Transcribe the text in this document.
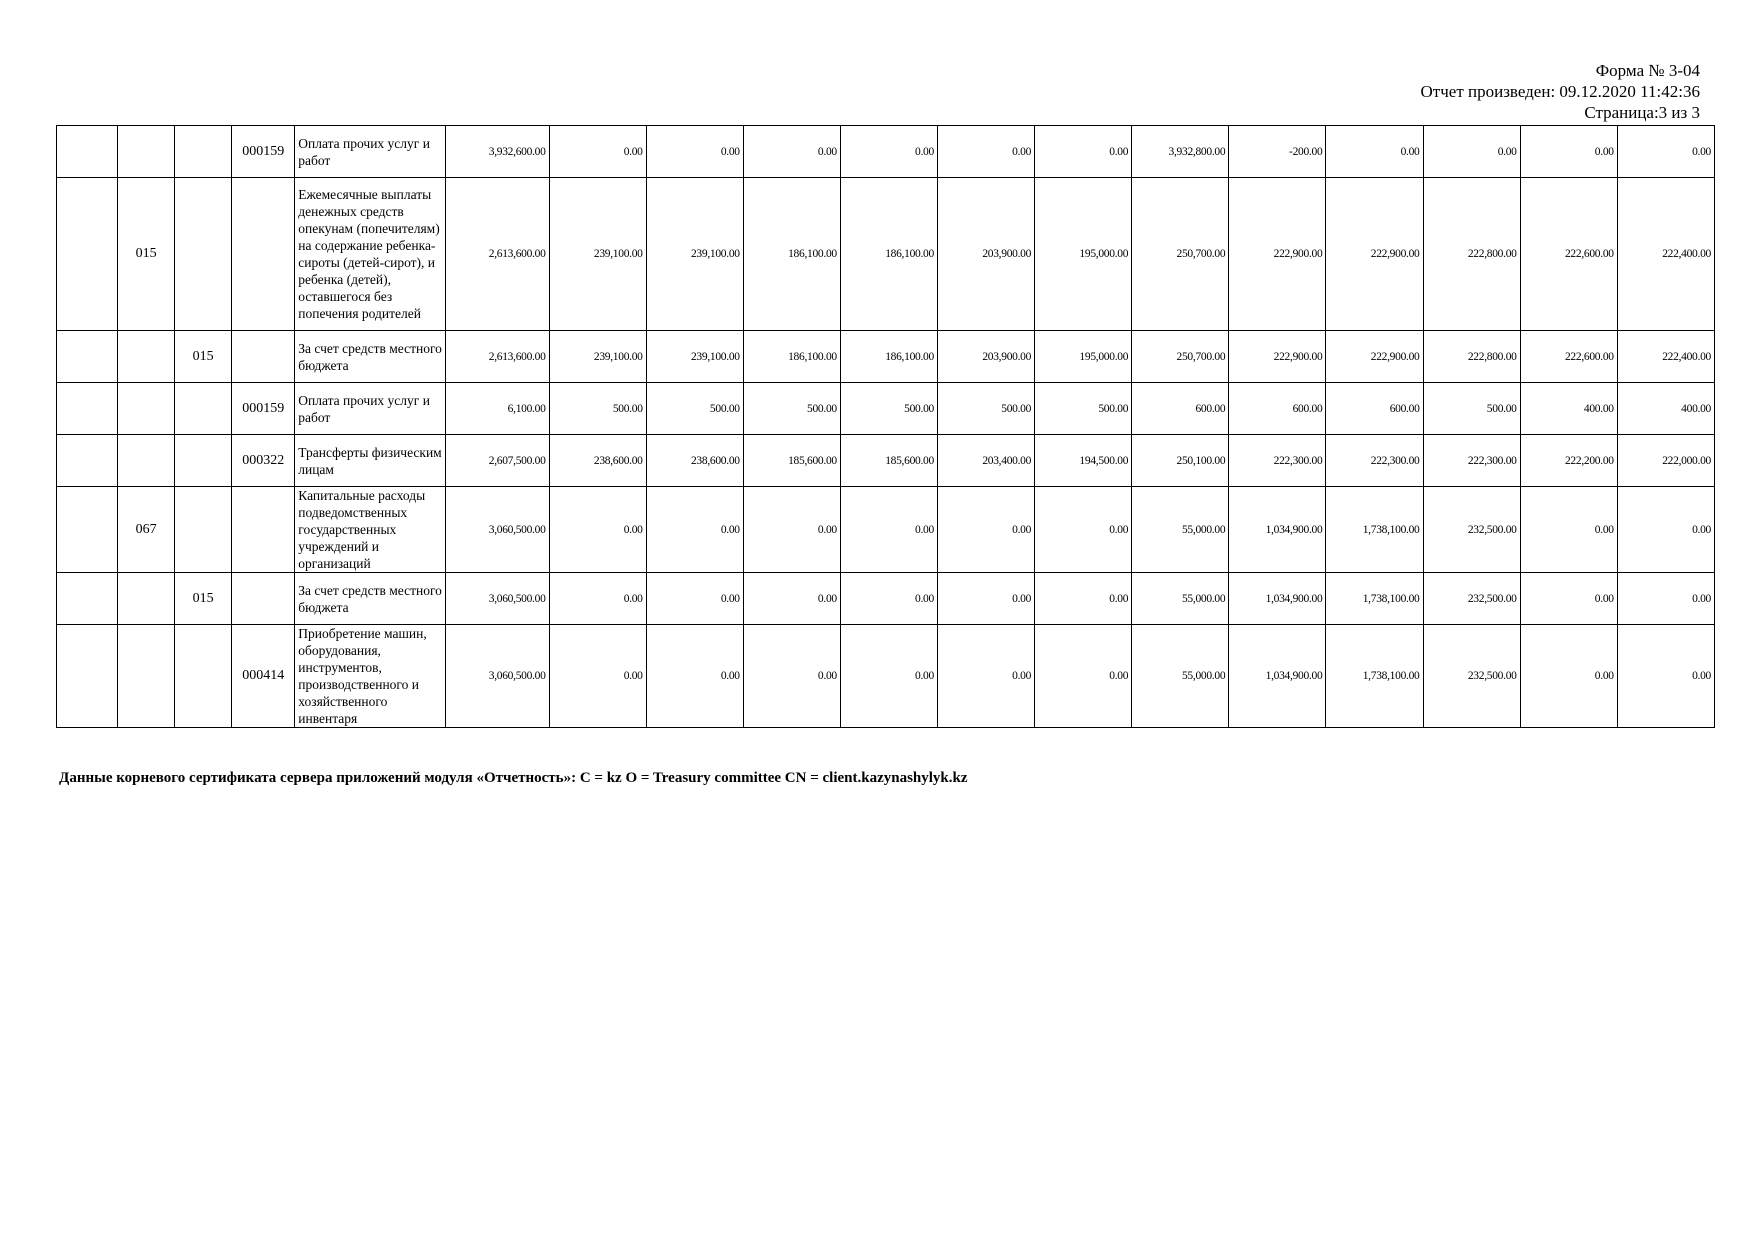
Форма № 3-04
Отчет произведен: 09.12.2020 11:42:36
Страница:3 из 3
			000159	Оплата прочих услуг и работ	3,932,600.00	0.00	0.00	0.00	0.00	0.00	0.00	3,932,800.00	-200.00	0.00	0.00	0.00	0.00
	015			Ежемесячные выплаты денежных средств опекунам (попечителям) на содержание ребенка-сироты (детей-сирот), и ребенка (детей), оставшегося без попечения родителей	2,613,600.00	239,100.00	239,100.00	186,100.00	186,100.00	203,900.00	195,000.00	250,700.00	222,900.00	222,900.00	222,800.00	222,600.00	222,400.00
		015		За счет средств местного бюджета	2,613,600.00	239,100.00	239,100.00	186,100.00	186,100.00	203,900.00	195,000.00	250,700.00	222,900.00	222,900.00	222,800.00	222,600.00	222,400.00
			000159	Оплата прочих услуг и работ	6,100.00	500.00	500.00	500.00	500.00	500.00	500.00	600.00	600.00	600.00	500.00	400.00	400.00
			000322	Трансферты физическим лицам	2,607,500.00	238,600.00	238,600.00	185,600.00	185,600.00	203,400.00	194,500.00	250,100.00	222,300.00	222,300.00	222,300.00	222,200.00	222,000.00
	067			Капитальные расходы подведомственных государственных учреждений и организаций	3,060,500.00	0.00	0.00	0.00	0.00	0.00	0.00	55,000.00	1,034,900.00	1,738,100.00	232,500.00	0.00	0.00
		015		За счет средств местного бюджета	3,060,500.00	0.00	0.00	0.00	0.00	0.00	0.00	55,000.00	1,034,900.00	1,738,100.00	232,500.00	0.00	0.00
			000414	Приобретение машин, оборудования, инструментов, производственного и хозяйственного инвентаря	3,060,500.00	0.00	0.00	0.00	0.00	0.00	0.00	55,000.00	1,034,900.00	1,738,100.00	232,500.00	0.00	0.00
Данные корневого сертификата сервера приложений модуля «Отчетность»: C = kz O = Treasury committee CN = client.kazynashylyk.kz
